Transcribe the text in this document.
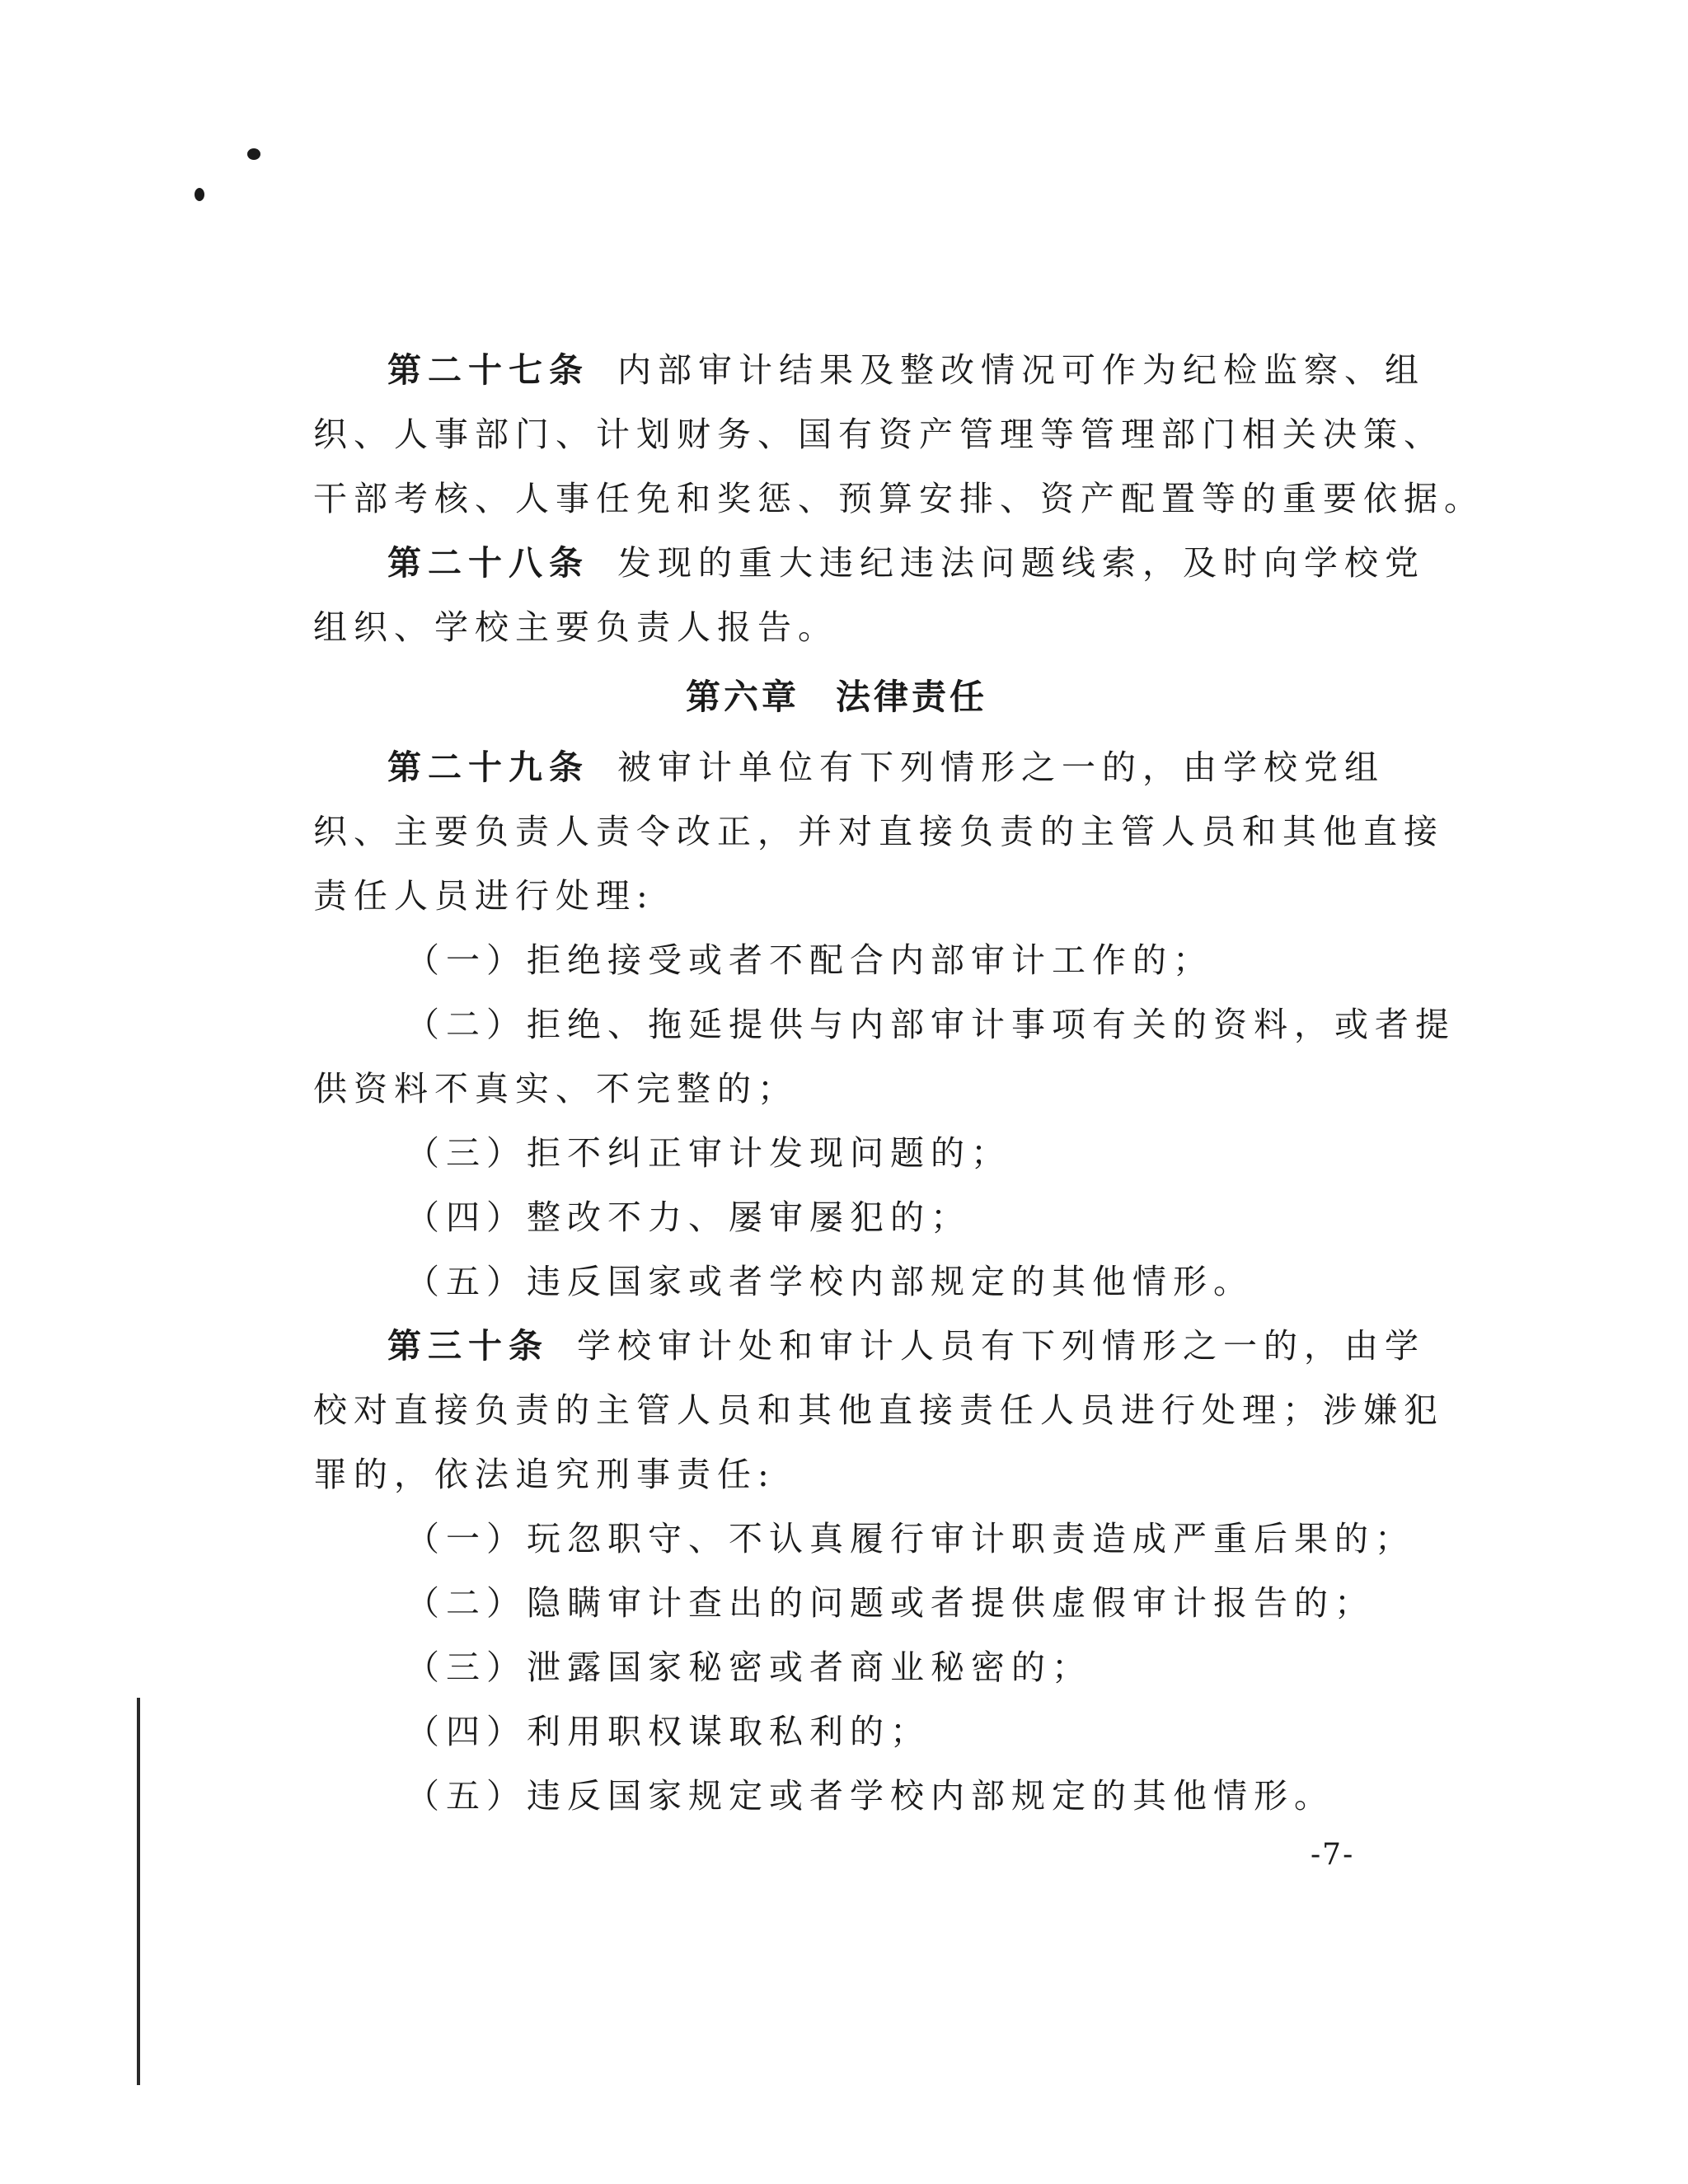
第二十七条 内部审计结果及整改情况可作为纪检监察、组

织、人事部门、计划财务、国有资产管理等管理部门相关决策、

干部考核、人事任免和奖惩、预算安排、资产配置等的重要依据。

第二十八条 发现的重大违纪违法问题线索，及时向学校党

组织、学校主要负责人报告。

第六章 法律责任

第二十九条 被审计单位有下列情形之一的，由学校党组

织、主要负责人责令改正，并对直接负责的主管人员和其他直接

责任人员进行处理:

（一）拒绝接受或者不配合内部审计工作的；

（二）拒绝、拖延提供与内部审计事项有关的资料，或者提

供资料不真实、不完整的；

（三）拒不纠正审计发现问题的；

（四）整改不力、屡审屡犯的；

（五）违反国家或者学校内部规定的其他情形。

第三十条 学校审计处和审计人员有下列情形之一的，由学

校对直接负责的主管人员和其他直接责任人员进行处理；涉嫌犯

罪的，依法追究刑事责任:

（一）玩忽职守、不认真履行审计职责造成严重后果的；

（二）隐瞒审计查出的问题或者提供虚假审计报告的；

（三）泄露国家秘密或者商业秘密的；

（四）利用职权谋取私利的；

（五）违反国家规定或者学校内部规定的其他情形。

-7-
